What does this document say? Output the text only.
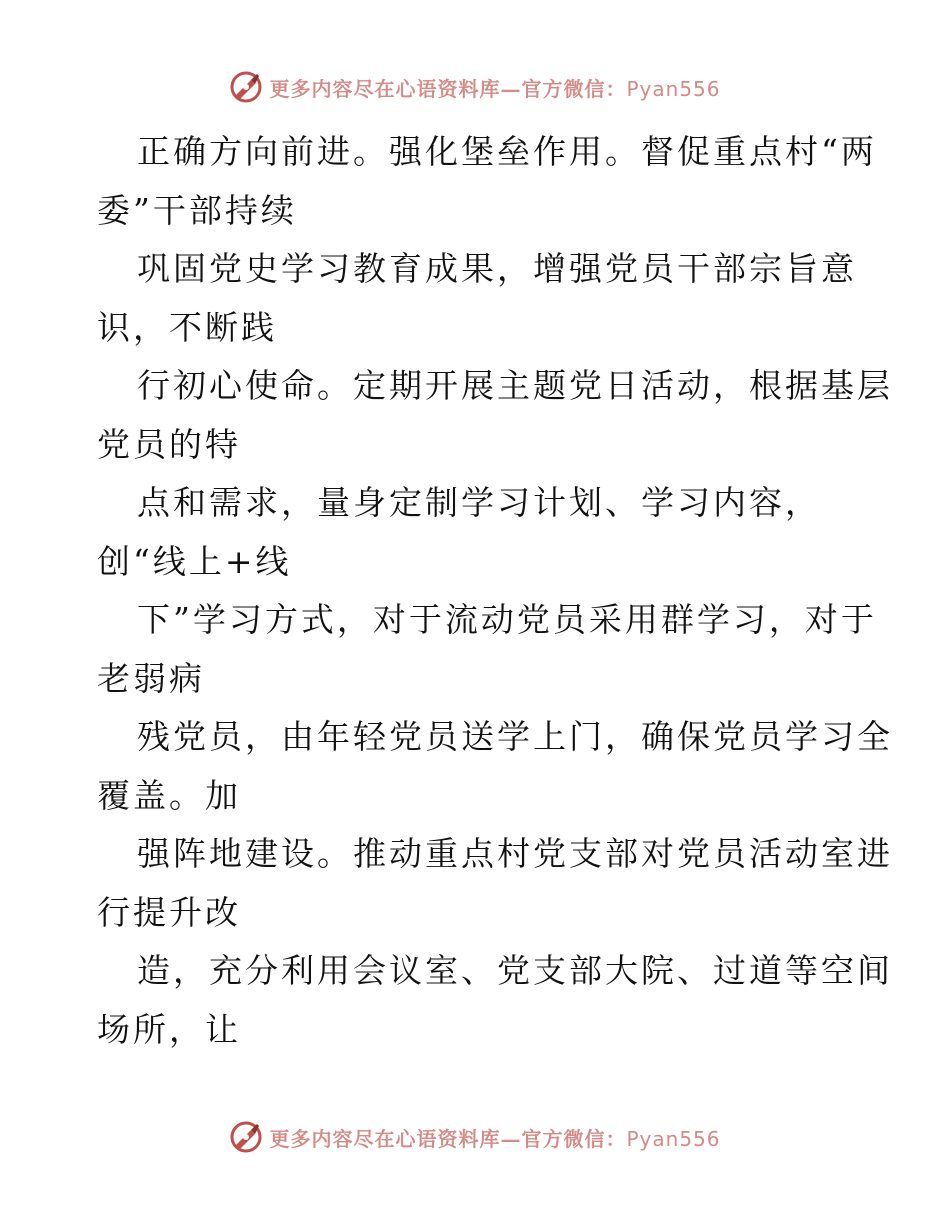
更多内容尽在心语资料库—官方微信：Pyan556
正确方向前进。强化堡垒作用。督促重点村“两
委”干部持续
巩固党史学习教育成果，增强党员干部宗旨意
识，不断践
行初心使命。定期开展主题党日活动，根据基层
党员的特
点和需求，量身定制学习计划、学习内容，
创“线上+线
下”学习方式，对于流动党员采用群学习，对于
老弱病
残党员，由年轻党员送学上门，确保党员学习全
覆盖。加
强阵地建设。推动重点村党支部对党员活动室进
行提升改
造，充分利用会议室、党支部大院、过道等空间
场所，让
更多内容尽在心语资料库—官方微信：Pyan556
